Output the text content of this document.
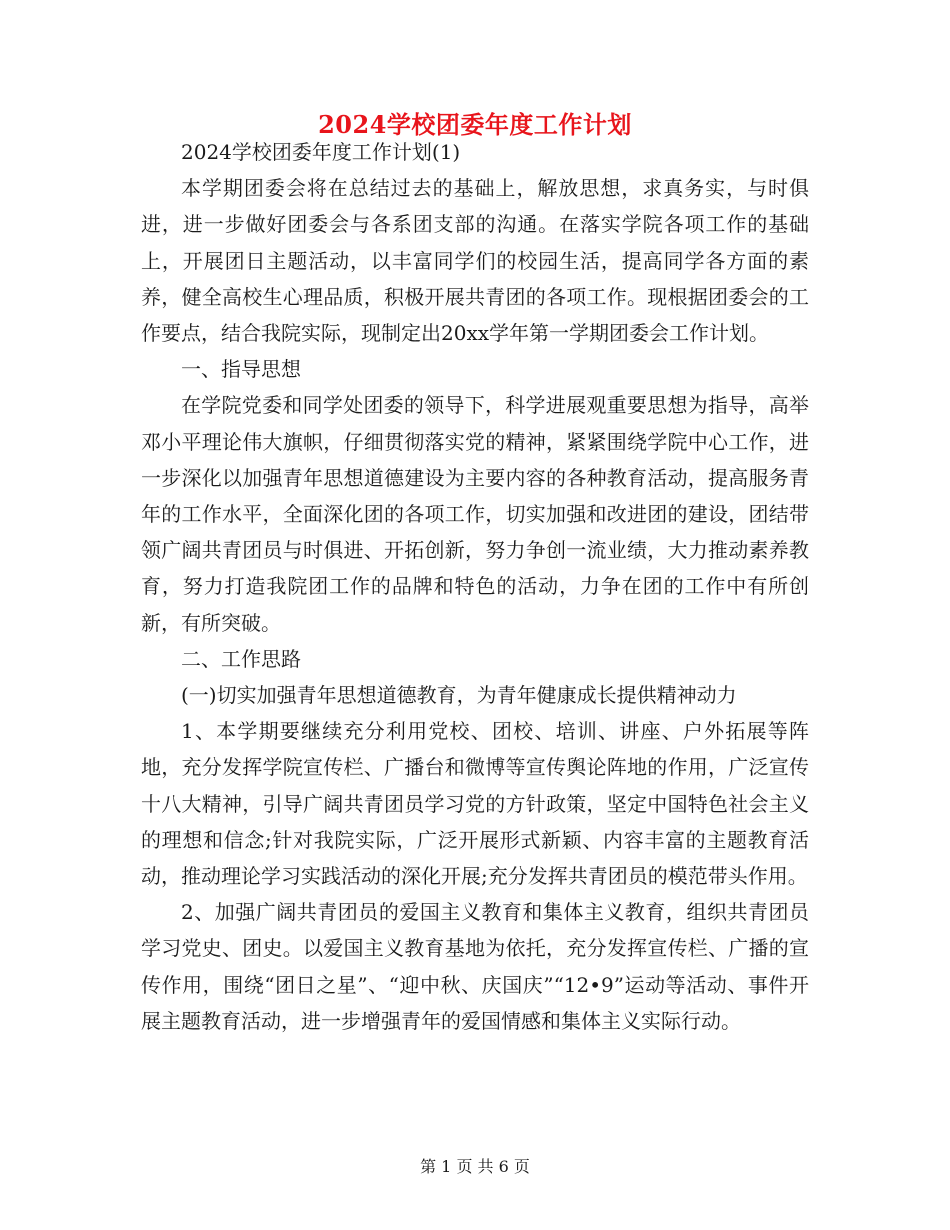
2024学校团委年度工作计划

2024学校团委年度工作计划(1)

本学期团委会将在总结过去的基础上，解放思想，求真务实，与时俱进，进一步做好团委会与各系团支部的沟通。在落实学院各项工作的基础上，开展团日主题活动，以丰富同学们的校园生活，提高同学各方面的素养，健全高校生心理品质，积极开展共青团的各项工作。现根据团委会的工作要点，结合我院实际，现制定出20xx学年第一学期团委会工作计划。

一、指导思想

在学院党委和同学处团委的领导下，科学进展观重要思想为指导，高举邓小平理论伟大旗帜，仔细贯彻落实党的精神，紧紧围绕学院中心工作，进一步深化以加强青年思想道德建设为主要内容的各种教育活动，提高服务青年的工作水平，全面深化团的各项工作，切实加强和改进团的建设，团结带领广阔共青团员与时俱进、开拓创新，努力争创一流业绩，大力推动素养教育，努力打造我院团工作的品牌和特色的活动，力争在团的工作中有所创新，有所突破。

二、工作思路

(一)切实加强青年思想道德教育，为青年健康成长提供精神动力

1、本学期要继续充分利用党校、团校、培训、讲座、户外拓展等阵地，充分发挥学院宣传栏、广播台和微博等宣传舆论阵地的作用，广泛宣传十八大精神，引导广阔共青团员学习党的方针政策，坚定中国特色社会主义的理想和信念;针对我院实际，广泛开展形式新颖、内容丰富的主题教育活动，推动理论学习实践活动的深化开展;充分发挥共青团员的模范带头作用。

2、加强广阔共青团员的爱国主义教育和集体主义教育，组织共青团员学习党史、团史。以爱国主义教育基地为依托，充分发挥宣传栏、广播的宣传作用，围绕“团日之星”、“迎中秋、庆国庆”“12•9”运动等活动、事件开展主题教育活动，进一步增强青年的爱国情感和集体主义实际行动。

第 1 页 共 6 页
